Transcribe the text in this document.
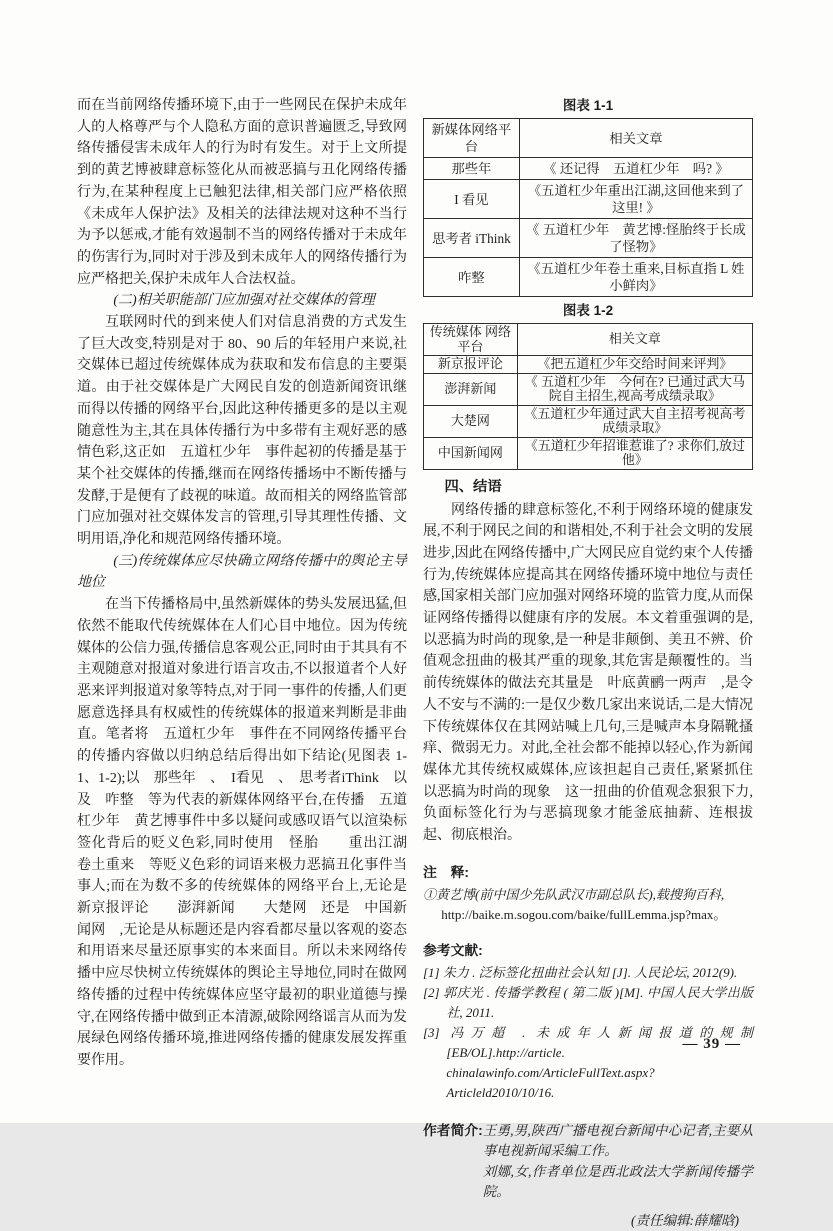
而在当前网络传播环境下,由于一些网民在保护未成年人的人格尊严与个人隐私方面的意识普遍匮乏,导致网络传播侵害未成年人的行为时有发生。对于上文所提到的黄艺博被肆意标签化从而被恶搞与丑化网络传播行为,在某种程度上已触犯法律,相关部门应严格依照《未成年人保护法》及相关的法律法规对这种不当行为予以惩戒,才能有效遏制不当的网络传播对于未成年的伤害行为,同时对于涉及到未成年人的网络传播行为应严格把关,保护未成年人合法权益。

(二)相关职能部门应加强对社交媒体的管理

互联网时代的到来使人们对信息消费的方式发生了巨大改变,特别是对于 80、90 后的年轻用户来说,社交媒体已超过传统媒体成为获取和发布信息的主要渠道。由于社交媒体是广大网民自发的创造新闻资讯继而得以传播的网络平台,因此这种传播更多的是以主观随意性为主,其在具体传播行为中多带有主观好恶的感情色彩,这正如　五道杠少年　事件起初的传播是基于某个社交媒体的传播,继而在网络传播场中不断传播与发酵,于是便有了歧视的味道。故而相关的网络监管部门应加强对社交媒体发言的管理,引导其理性传播、文明用语,净化和规范网络传播环境。

(三)传统媒体应尽快确立网络传播中的舆论主导地位

在当下传播格局中,虽然新媒体的势头发展迅猛,但依然不能取代传统媒体在人们心目中地位。因为传统媒体的公信力强,传播信息客观公正,同时由于其具有不主观随意对报道对象进行语言攻击,不以报道者个人好恶来评判报道对象等特点,对于同一事件的传播,人们更愿意选择具有权威性的传统媒体的报道来判断是非曲直。笔者将　五道杠少年　事件在不同网络传播平台的传播内容做以归纳总结后得出如下结论(见图表 1-1、1-2);以　那些年　、　I看见　、　思考者iThink　以及　咋整　等为代表的新媒体网络平台,在传播　五道杠少年　黄艺博事件中多以疑问或感叹语气以渲染标签化背后的贬义色彩,同时使用　怪胎　　重出江湖　　卷土重来　等贬义色彩的词语来极力恶搞丑化事件当事人;而在为数不多的传统媒体的网络平台上,无论是　新京报评论　　澎湃新闻　　大楚网　还是　中国新闻网　,无论是从标题还是内容看都尽量以客观的姿态和用语来尽量还原事实的本来面目。所以未来网络传播中应尽快树立传统媒体的舆论主导地位,同时在做网络传播的过程中传统媒体应坚守最初的职业道德与操守,在网络传播中做到正本清源,破除网络谣言从而为发展绿色网络传播环境,推进网络传播的健康发展发挥重要作用。

图表 1-1
新媒体网络平台	相关文章
那些年	《 还记得　五道杠少年　吗? 》
I 看见	《五道杠少年重出江湖,这回他来到了这里! 》
思考者 iThink	《 五道杠少年　黄艺博:怪胎终于长成了怪物》
咋整	《五道杠少年卷土重来,目标直指 L 姓小鲜肉》
图表 1-2
传统媒体 网络平台	相关文章
新京报评论	《把五道杠少年交给时间来评判》
澎湃新闻	《 五道杠少年　今何在? 已通过武大马院自主招生,视高考成绩录取》
大楚网	《五道杠少年通过武大自主招考视高考成绩录取》
中国新闻网	《五道杠少年招谁惹谁了? 求你们,放过他》
四、结语

网络传播的肆意标签化,不利于网络环境的健康发展,不利于网民之间的和谐相处,不利于社会文明的发展进步,因此在网络传播中,广大网民应自觉约束个人传播行为,传统媒体应提高其在网络传播环境中地位与责任感,国家相关部门应加强对网络环境的监管力度,从而保证网络传播得以健康有序的发展。本文着重强调的是,以恶搞为时尚的现象,是一种是非颠倒、美丑不辨、价值观念扭曲的极其严重的现象,其危害是颠覆性的。当前传统媒体的做法充其量是　叶底黄鹂一两声　,是令人不安与不满的:一是仅少数几家出来说话,二是大情况下传统媒体仅在其网站喊上几句,三是喊声本身隔靴搔痒、微弱无力。对此,全社会都不能掉以轻心,作为新闻媒体尤其传统权威媒体,应该担起自己责任,紧紧抓住　以恶搞为时尚的现象　这一扭曲的价值观念狠狠下力,负面标签化行为与恶搞现象才能釜底抽薪、连根拔起、彻底根治。

注　释:
①黄艺博(前中国少先队武汉市副总队长),载搜狗百科,
http://baike.m.sogou.com/baike/fullLemma.jsp?max。
参考文献:

[1] 朱力 . 泛标签化扭曲社会认知 [J]. 人民论坛, 2012(9).

[2] 郭庆光 . 传播学教程 ( 第二版 )[M]. 中国人民大学出版社, 2011.

[3] 冯万超 . 未成年人新闻报道的规制 [EB/OL].http://article. chinalawinfo.com/ArticleFullText.aspx?Articleld2010/10/16.

作者简介: 王勇,男,陕西广播电视台新闻中心记者,主要从事电视新闻采编工作。

刘娜,女,作者单位是西北政法大学新闻传播学院。

(责任编辑:薛耀晗)
— 39 —
